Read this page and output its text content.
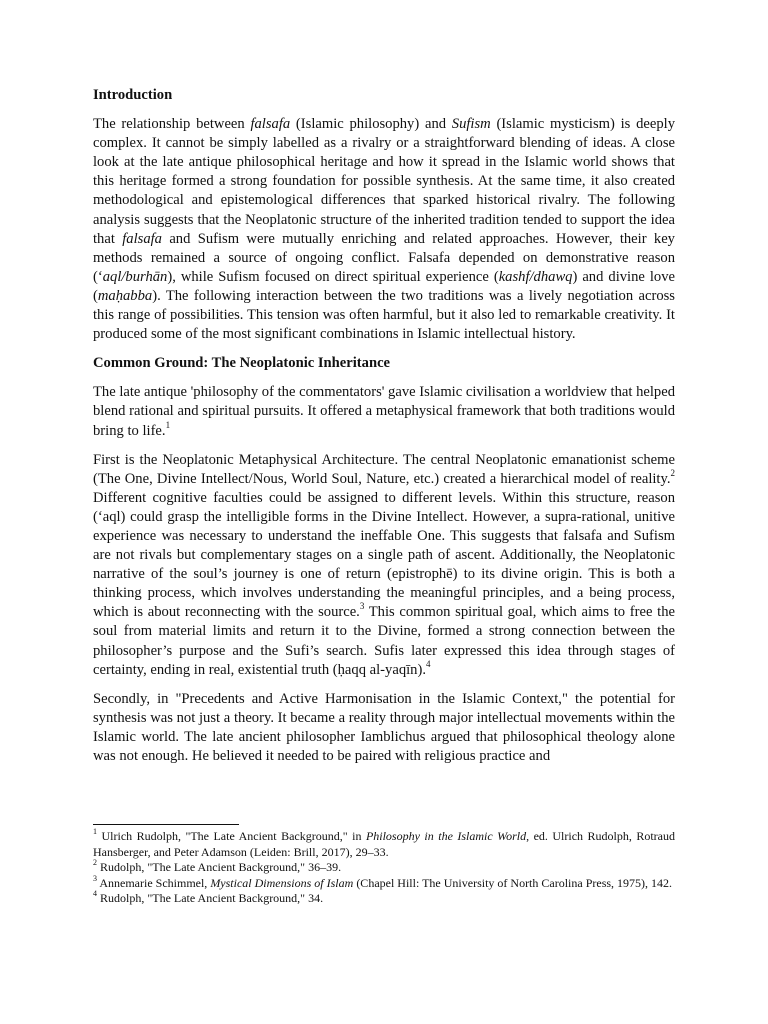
Introduction

The relationship between falsafa (Islamic philosophy) and Sufism (Islamic mysticism) is deeply complex. It cannot be simply labelled as a rivalry or a straightforward blending of ideas. A close look at the late antique philosophical heritage and how it spread in the Islamic world shows that this heritage formed a strong foundation for possible synthesis. At the same time, it also created methodological and epistemological differences that sparked historical rivalry. The following analysis suggests that the Neoplatonic structure of the inherited tradition tended to support the idea that falsafa and Sufism were mutually enriching and related approaches. However, their key methods remained a source of ongoing conflict. Falsafa depended on demonstrative reason (‘aql/burhān), while Sufism focused on direct spiritual experience (kashf/dhawq) and divine love (maḥabba). The following interaction between the two traditions was a lively negotiation across this range of possibilities. This tension was often harmful, but it also led to remarkable creativity. It produced some of the most significant combinations in Islamic intellectual history.

Common Ground: The Neoplatonic Inheritance

The late antique 'philosophy of the commentators' gave Islamic civilisation a worldview that helped blend rational and spiritual pursuits. It offered a metaphysical framework that both traditions would bring to life.$^1$

First is the Neoplatonic Metaphysical Architecture. The central Neoplatonic emanationist scheme (The One, Divine Intellect/Nous, World Soul, Nature, etc.) created a hierarchical model of reality.$^2$ Different cognitive faculties could be assigned to different levels. Within this structure, reason (‘aql) could grasp the intelligible forms in the Divine Intellect. However, a supra-rational, unitive experience was necessary to understand the ineffable One. This suggests that falsafa and Sufism are not rivals but complementary stages on a single path of ascent. Additionally, the Neoplatonic narrative of the soul’s journey is one of return (epistrophē) to its divine origin. This is both a thinking process, which involves understanding the meaningful principles, and a being process, which is about reconnecting with the source.$^3$ This common spiritual goal, which aims to free the soul from material limits and return it to the Divine, formed a strong connection between the philosopher’s purpose and the Sufi’s search. Sufis later expressed this idea through stages of certainty, ending in real, existential truth (ḥaqq al-yaqīn).$^4$

Secondly, in "Precedents and Active Harmonisation in the Islamic Context," the potential for synthesis was not just a theory. It became a reality through major intellectual movements within the Islamic world. The late ancient philosopher Iamblichus argued that philosophical theology alone was not enough. He believed it needed to be paired with religious practice and

$^1$ Ulrich Rudolph, "The Late Ancient Background," in Philosophy in the Islamic World, ed. Ulrich Rudolph, Rotraud Hansberger, and Peter Adamson (Leiden: Brill, 2017), 29–33.

$^2$ Rudolph, "The Late Ancient Background," 36–39.

$^3$ Annemarie Schimmel, Mystical Dimensions of Islam (Chapel Hill: The University of North Carolina Press, 1975), 142.

$^4$ Rudolph, "The Late Ancient Background," 34.
